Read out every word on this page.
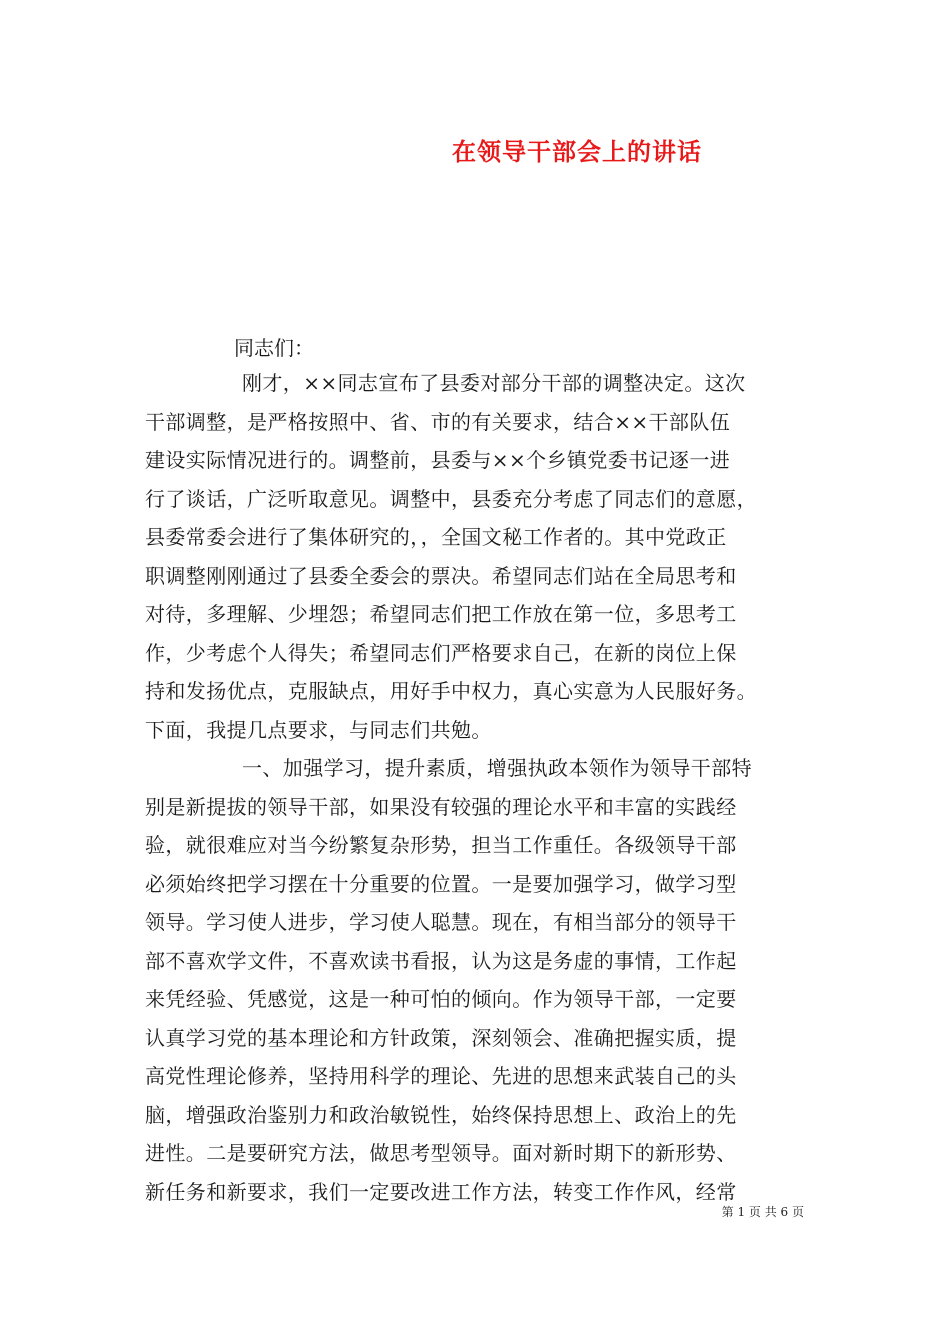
在领导干部会上的讲话
同志们：
刚才，××同志宣布了县委对部分干部的调整决定。这次
干部调整，是严格按照中、省、市的有关要求，结合××干部队伍
建设实际情况进行的。调整前，县委与××个乡镇党委书记逐一进
行了谈话，广泛听取意见。调整中，县委充分考虑了同志们的意愿，
县委常委会进行了集体研究的，，全国文秘工作者的。其中党政正
职调整刚刚通过了县委全委会的票决。希望同志们站在全局思考和
对待，多理解、少埋怨；希望同志们把工作放在第一位，多思考工
作，少考虑个人得失；希望同志们严格要求自己，在新的岗位上保
持和发扬优点，克服缺点，用好手中权力，真心实意为人民服好务。
下面，我提几点要求，与同志们共勉。
一、加强学习，提升素质，增强执政本领作为领导干部特
别是新提拔的领导干部，如果没有较强的理论水平和丰富的实践经
验，就很难应对当今纷繁复杂形势，担当工作重任。各级领导干部
必须始终把学习摆在十分重要的位置。一是要加强学习，做学习型
领导。学习使人进步，学习使人聪慧。现在，有相当部分的领导干
部不喜欢学文件，不喜欢读书看报，认为这是务虚的事情，工作起
来凭经验、凭感觉，这是一种可怕的倾向。作为领导干部，一定要
认真学习党的基本理论和方针政策，深刻领会、准确把握实质，提
高党性理论修养，坚持用科学的理论、先进的思想来武装自己的头
脑，增强政治鉴别力和政治敏锐性，始终保持思想上、政治上的先
进性。二是要研究方法，做思考型领导。面对新时期下的新形势、
新任务和新要求，我们一定要改进工作方法，转变工作作风，经常
第 1 页 共 6 页
